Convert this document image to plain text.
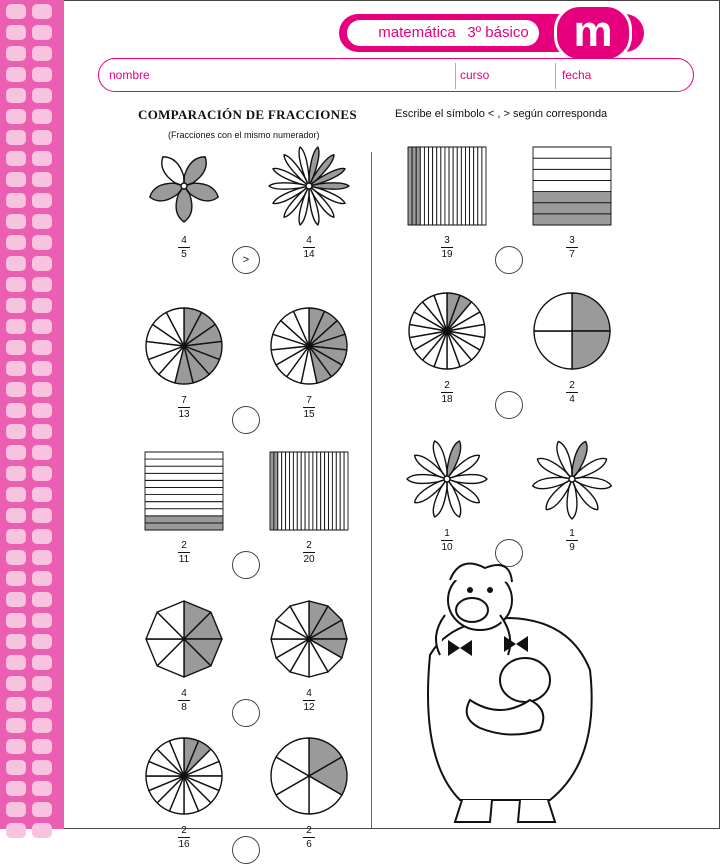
matemática 3º básico	m
nombre	curso	fecha
COMPARACIÓN DE FRACCIONES
(Fracciones con el mismo numerador)
Escribe el símbolo < , > según corresponda
4
5
4
14
>
3
19
3
7
7
13
7
15
2
18
2
4
2
11
2
20
1
10
1
9
4
8
4
12
2
16
2
6
